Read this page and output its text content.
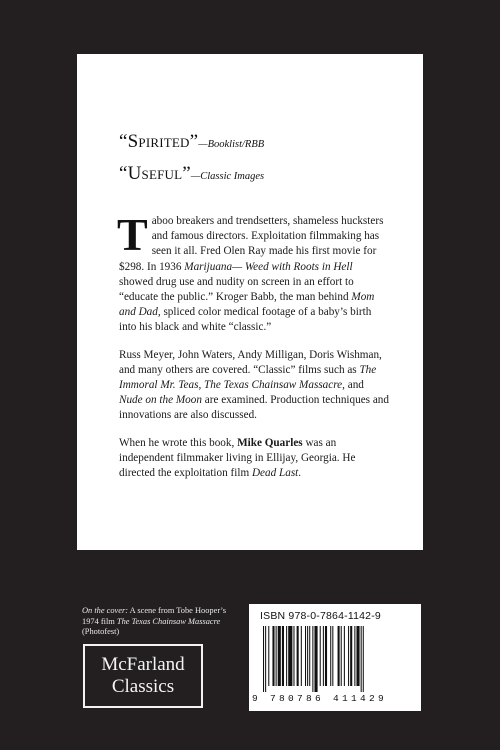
“Spirited”—Booklist/RBB
“Useful”—Classic Images

Taboo breakers and trendsetters, shameless hucksters and famous directors. Exploitation filmmaking has seen it all. Fred Olen Ray made his first movie for $298. In 1936 Marijuana— Weed with Roots in Hell showed drug use and nudity on screen in an effort to “educate the public.” Kroger Babb, the man behind Mom and Dad, spliced color medical footage of a baby’s birth into his black and white “classic.”

Russ Meyer, John Waters, Andy Milligan, Doris Wishman, and many others are covered. “Classic” films such as The Immoral Mr. Teas, The Texas Chainsaw Massacre, and Nude on the Moon are examined. Production techniques and innovations are also discussed.

When he wrote this book, Mike Quarles was an independent filmmaker living in Ellijay, Georgia. He directed the exploitation film Dead Last.

On the cover: A scene from Tobe Hooper’s 1974 film The Texas Chainsaw Massacre (Photofest)
McFarland
Classics
ISBN 978-0-7864-1142-9
9 780786 411429
